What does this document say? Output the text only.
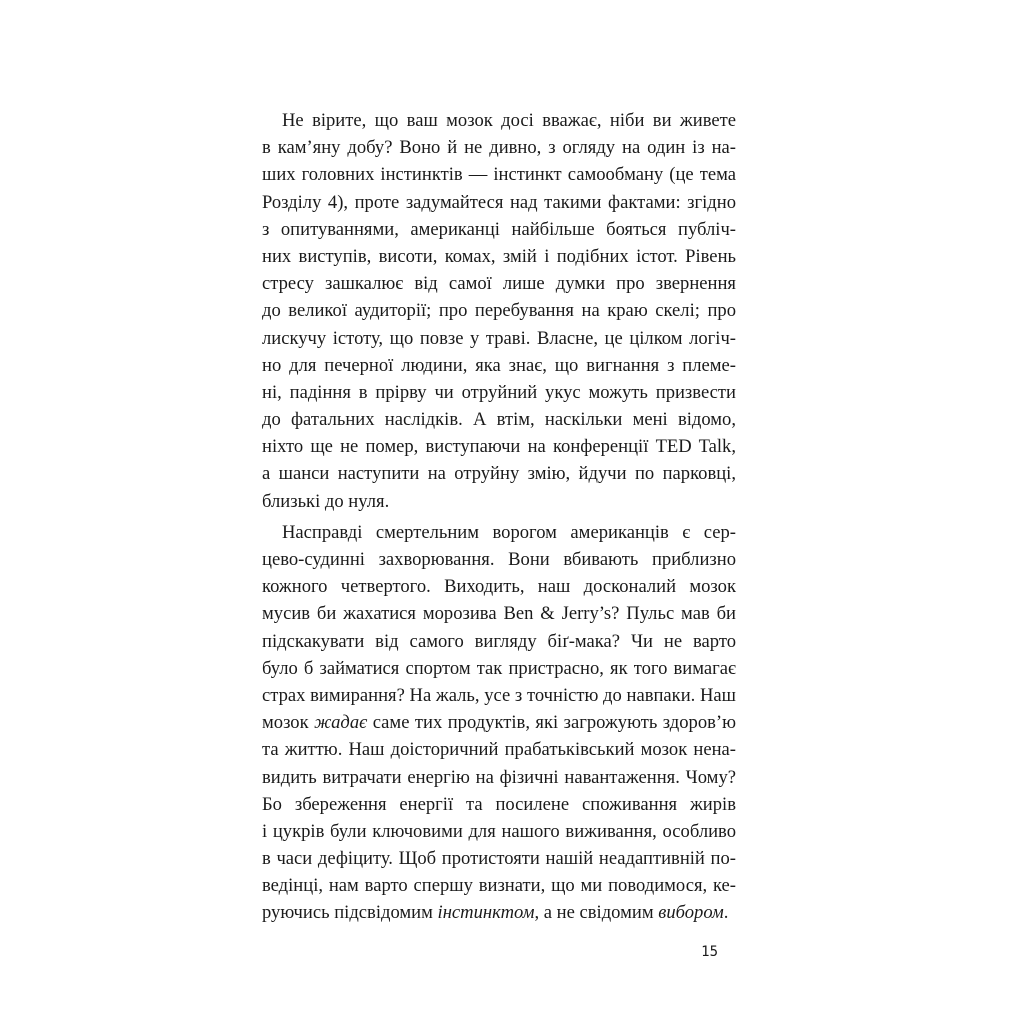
Не вірите, що ваш мозок досі вважає, ніби ви живете
в кам’яну добу? Воно й не дивно, з огляду на один із на-
ших головних інстинктів — інстинкт самообману (це тема
Розділу 4), проте задумайтеся над такими фактами: згідно
з опитуваннями, американці найбільше бояться публіч-
них виступів, висоти, комах, змій і подібних істот. Рівень
стресу зашкалює від самої лише думки про звернення
до великої аудиторії; про перебування на краю скелі; про
лискучу істоту, що повзе у траві. Власне, це цілком логіч-
но для печерної людини, яка знає, що вигнання з племе-
ні, падіння в прірву чи отруйний укус можуть призвести
до фатальних наслідків. А втім, наскільки мені відомо,
ніхто ще не помер, виступаючи на конференції TED Talk,
а шанси наступити на отруйну змію, йдучи по парковці,
близькі до нуля.
Насправді смертельним ворогом американців є сер-
цево-судинні захворювання. Вони вбивають приблизно
кожного четвертого. Виходить, наш досконалий мозок
мусив би жахатися морозива Ben & Jerry’s? Пульс мав би
підскакувати від самого вигляду біґ-мака? Чи не варто
було б займатися спортом так пристрасно, як того вимагає
страх вимирання? На жаль, усе з точністю до навпаки. Наш
мозок жадає саме тих продуктів, які загрожують здоров’ю
та життю. Наш доісторичний прабатьківський мозок нена-
видить витрачати енергію на фізичні навантаження. Чому?
Бо збереження енергії та посилене споживання жирів
і цукрів були ключовими для нашого виживання, особливо
в часи дефіциту. Щоб протистояти нашій неадаптивній по-
ведінці, нам варто спершу визнати, що ми поводимося, ке-
руючись підсвідомим інстинктом, а не свідомим вибором.
15
